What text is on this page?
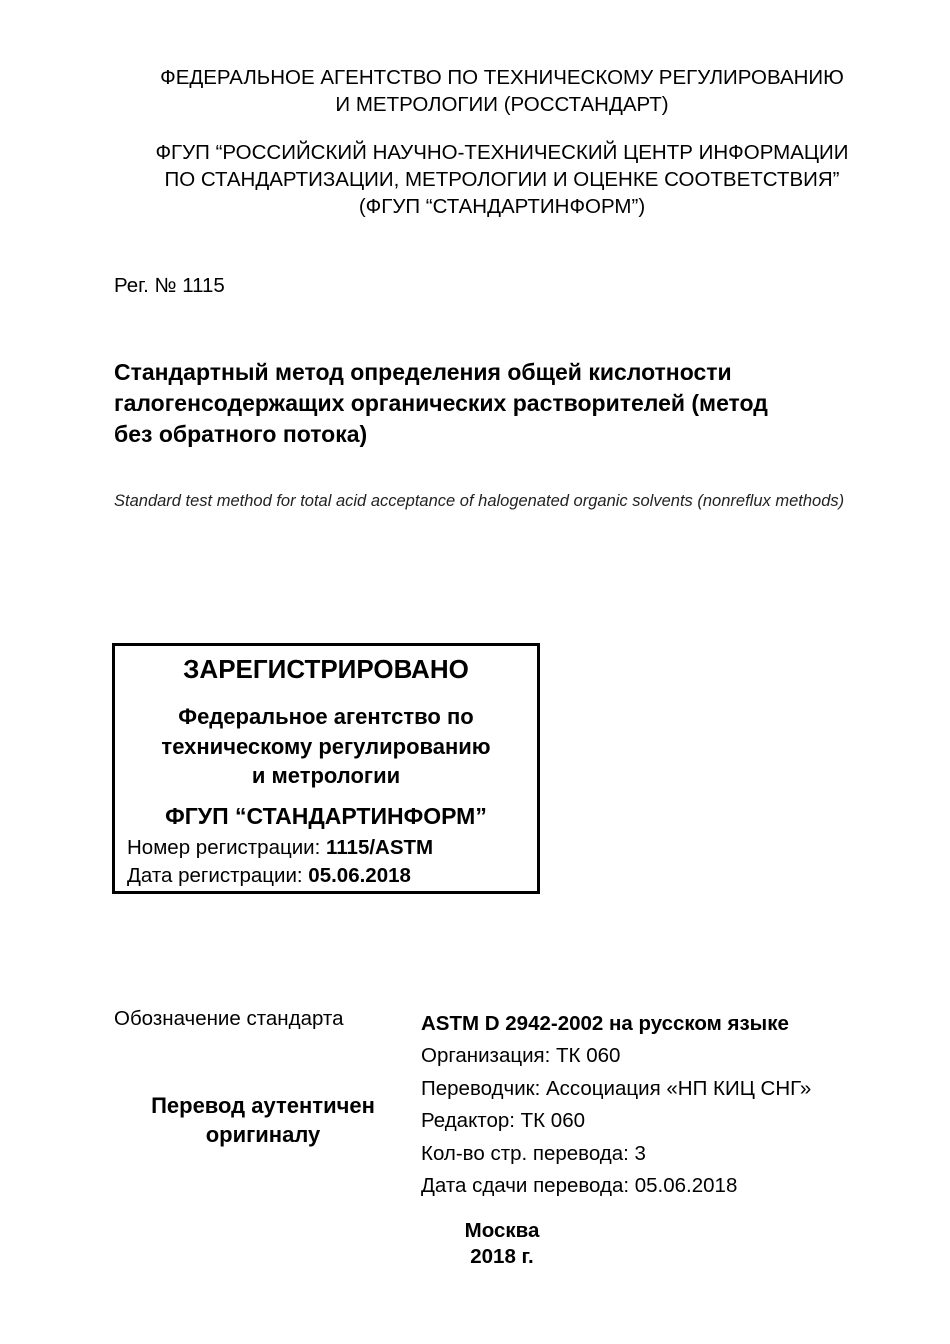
ФЕДЕРАЛЬНОЕ АГЕНТСТВО ПО ТЕХНИЧЕСКОМУ РЕГУЛИРОВАНИЮ
И МЕТРОЛОГИИ (РОССТАНДАРТ)
ФГУП “РОССИЙСКИЙ НАУЧНО-ТЕХНИЧЕСКИЙ ЦЕНТР ИНФОРМАЦИИ
ПО СТАНДАРТИЗАЦИИ, МЕТРОЛОГИИ И ОЦЕНКЕ СООТВЕТСТВИЯ”
(ФГУП “СТАНДАРТИНФОРМ”)
Рег. № 1115
Стандартный метод определения общей кислотности
галогенсодержащих органических растворителей (метод
без обратного потока)
Standard test method for total acid acceptance of halogenated organic solvents (nonreflux methods)
ЗАРЕГИСТРИРОВАНО
Федеральное агентство по
техническому регулированию
и метрологии
ФГУП “СТАНДАРТИНФОРМ”
Номер регистрации: 1115/ASTM
Дата регистрации: 05.06.2018
Обозначение стандарта
Перевод аутентичен
оригиналу
ASTM D 2942-2002 на русском языке
Организация: ТК 060
Переводчик: Ассоциация «НП КИЦ СНГ»
Редактор: ТК 060
Кол-во стр. перевода: 3
Дата сдачи перевода: 05.06.2018
Москва
2018 г.
